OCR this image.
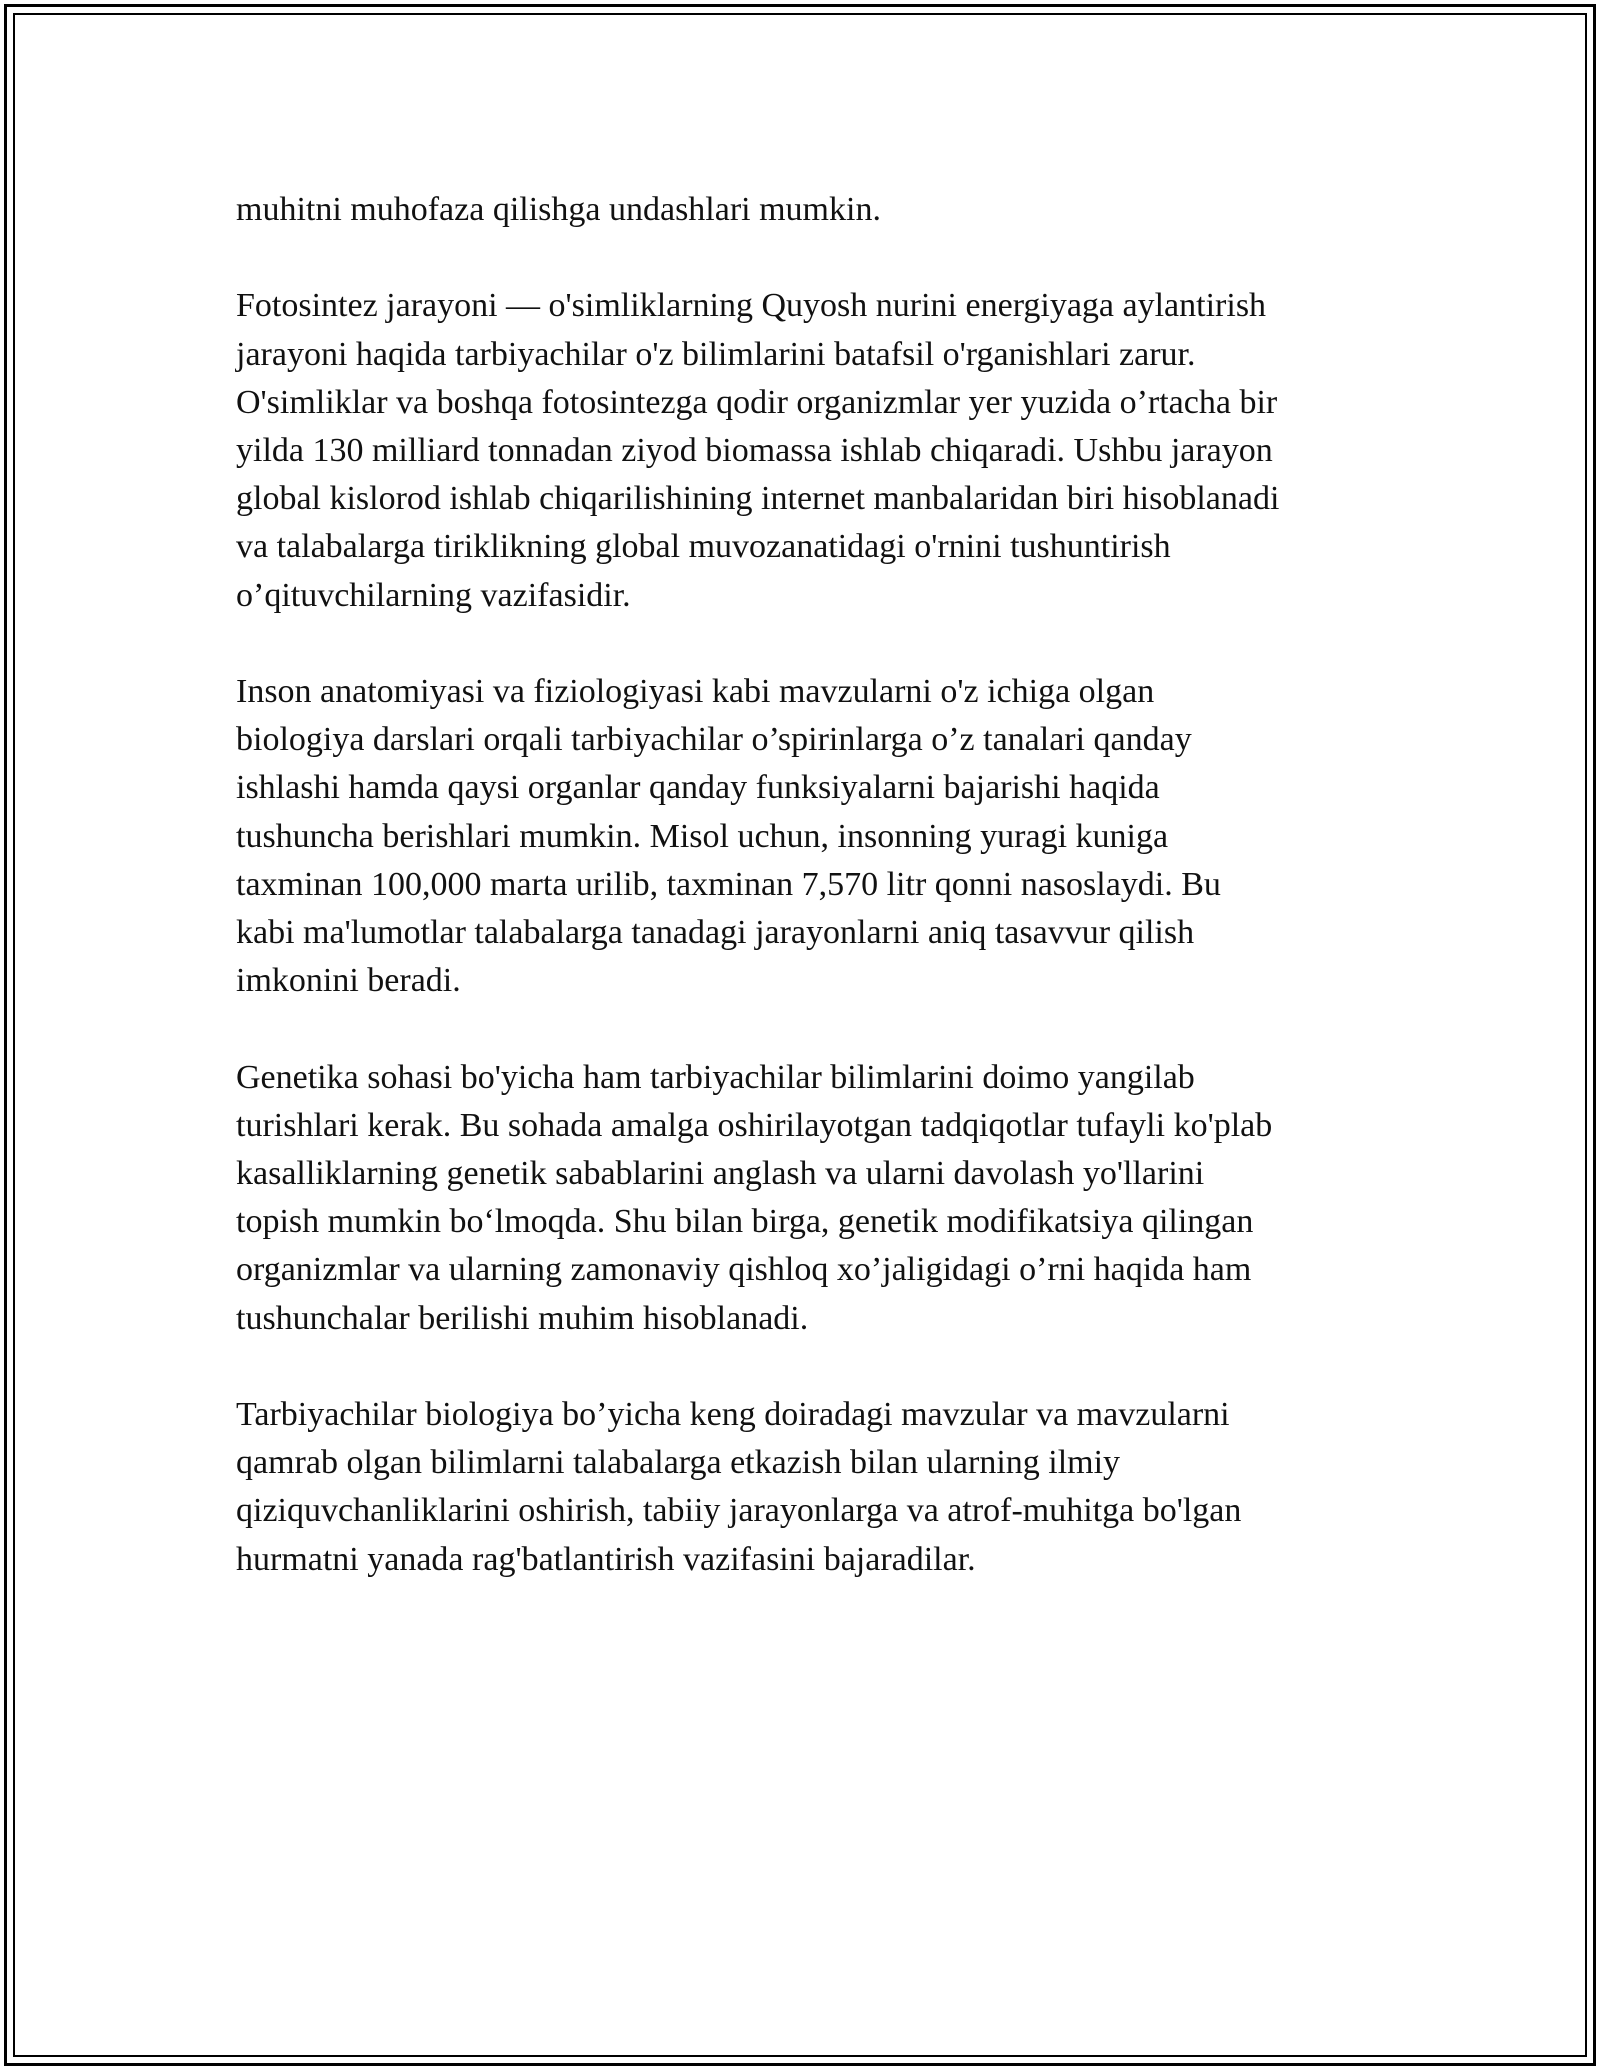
muhitni muhofaza qilishga undashlari mumkin.

Fotosintez jarayoni — o'simliklarning Quyosh nurini energiyaga aylantirish
jarayoni haqida tarbiyachilar o'z bilimlarini batafsil o'rganishlari zarur.
O'simliklar va boshqa fotosintezga qodir organizmlar yer yuzida o’rtacha bir
yilda 130 milliard tonnadan ziyod biomassa ishlab chiqaradi. Ushbu jarayon
global kislorod ishlab chiqarilishining internet manbalaridan biri hisoblanadi
va talabalarga tiriklikning global muvozanatidagi o'rnini tushuntirish
o’qituvchilarning vazifasidir.

Inson anatomiyasi va fiziologiyasi kabi mavzularni o'z ichiga olgan
biologiya darslari orqali tarbiyachilar o’spirinlarga o’z tanalari qanday
ishlashi hamda qaysi organlar qanday funksiyalarni bajarishi haqida
tushuncha berishlari mumkin. Misol uchun, insonning yuragi kuniga
taxminan 100,000 marta urilib, taxminan 7,570 litr qonni nasoslaydi. Bu
kabi ma'lumotlar talabalarga tanadagi jarayonlarni aniq tasavvur qilish
imkonini beradi.

Genetika sohasi bo'yicha ham tarbiyachilar bilimlarini doimo yangilab
turishlari kerak. Bu sohada amalga oshirilayotgan tadqiqotlar tufayli ko'plab
kasalliklarning genetik sabablarini anglash va ularni davolash yo'llarini
topish mumkin bo‘lmoqda. Shu bilan birga, genetik modifikatsiya qilingan
organizmlar va ularning zamonaviy qishloq xo’jaligidagi o’rni haqida ham
tushunchalar berilishi muhim hisoblanadi.

Tarbiyachilar biologiya bo’yicha keng doiradagi mavzular va mavzularni
qamrab olgan bilimlarni talabalarga etkazish bilan ularning ilmiy
qiziquvchanliklarini oshirish, tabiiy jarayonlarga va atrof-muhitga bo'lgan
hurmatni yanada rag'batlantirish vazifasini bajaradilar.
